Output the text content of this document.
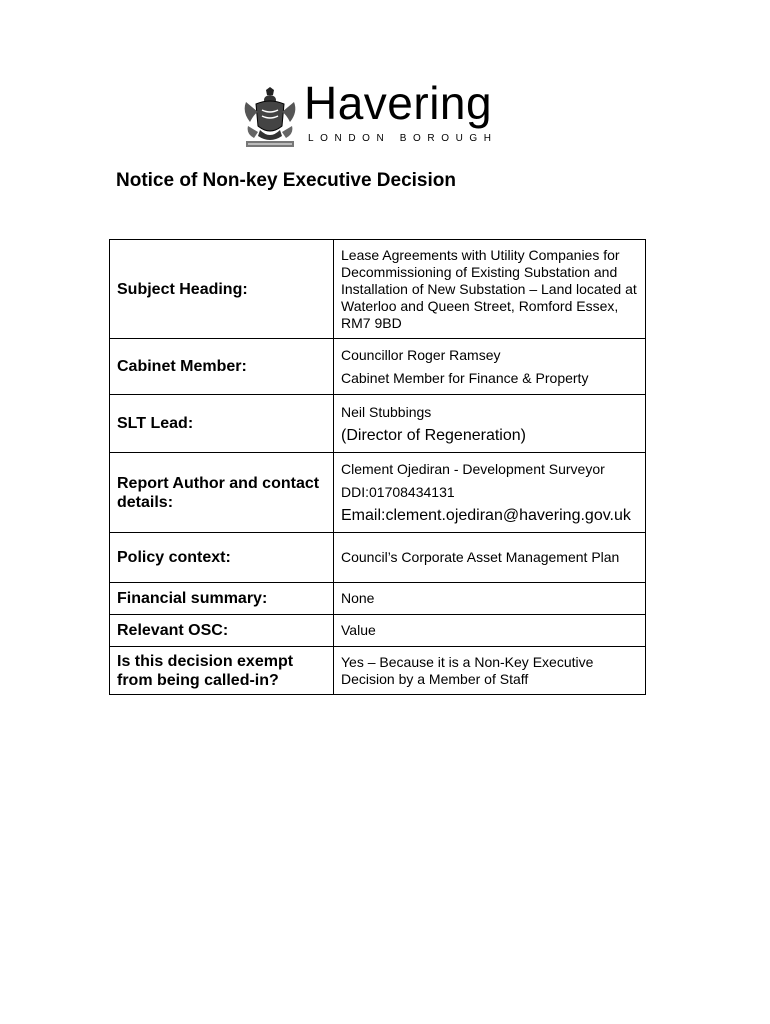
Havering
LONDON BOROUGH
Notice of Non-key Executive Decision
Subject Heading:	Lease Agreements with Utility Companies for Decommissioning of Existing Substation and Installation of New Substation – Land located at Waterloo and Queen Street, Romford Essex, RM7 9BD

Cabinet Member:	Councillor Roger Ramsey

Cabinet Member for Finance & Property

SLT Lead:	Neil Stubbings

(Director of Regeneration)

Report Author and contact details:	Clement Ojediran - Development Surveyor

DDI:01708434131

Email:clement.ojediran@havering.gov.uk

Policy context:	Council’s Corporate Asset Management Plan

Financial summary:	None

Relevant OSC:	Value

Is this decision exempt from being called-in?	Yes – Because it is a Non-Key Executive Decision by a Member of Staff
